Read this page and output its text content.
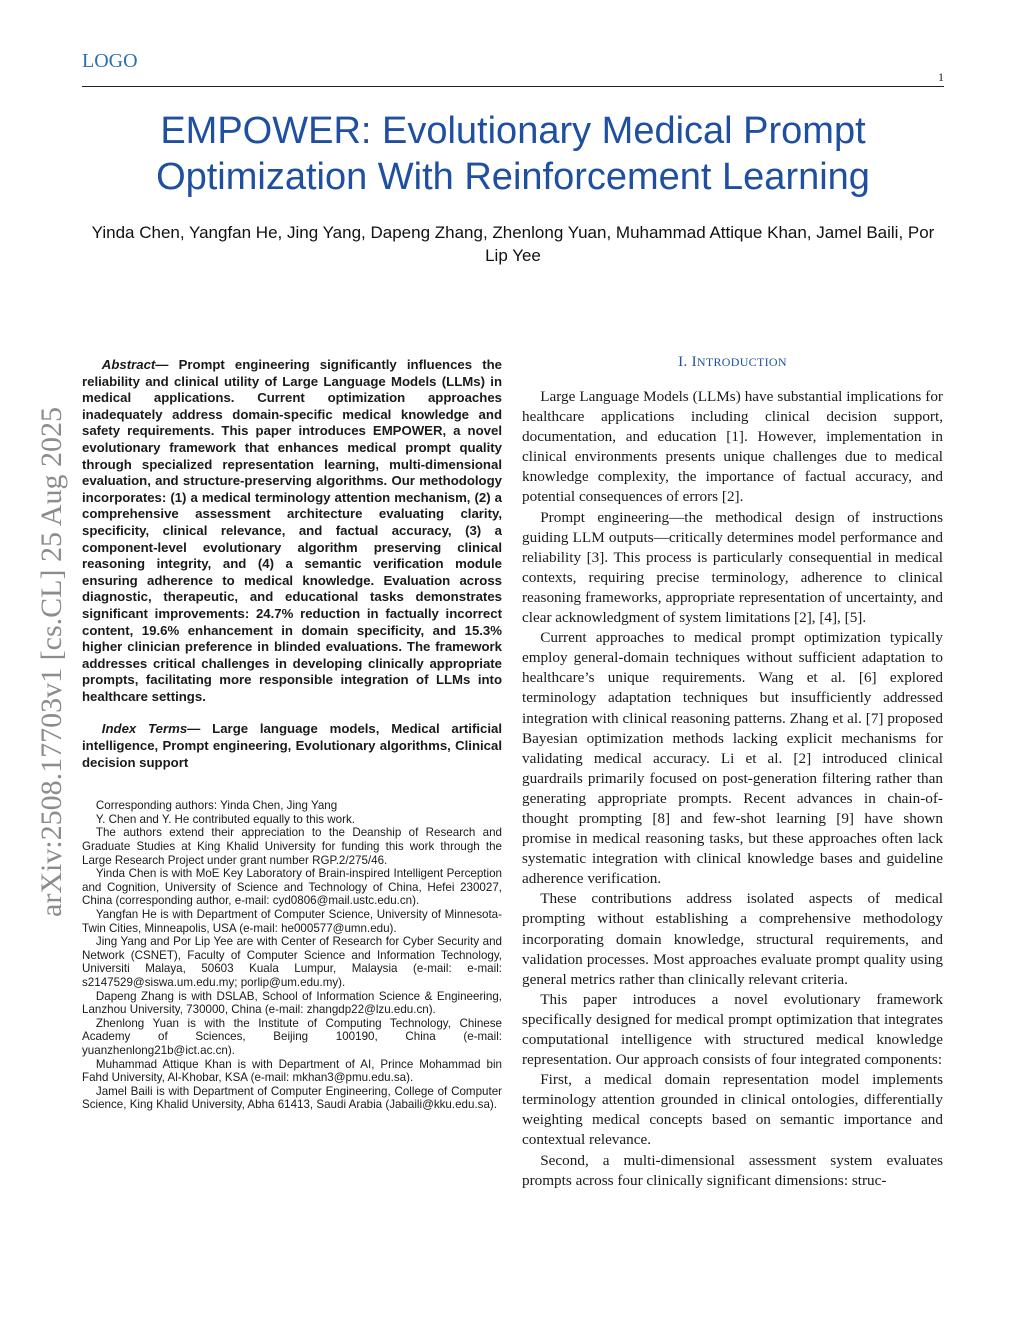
LOGO
1
EMPOWER: Evolutionary Medical Prompt Optimization With Reinforcement Learning
Yinda Chen, Yangfan He, Jing Yang, Dapeng Zhang, Zhenlong Yuan, Muhammad Attique Khan, Jamel Baili, Por Lip Yee
arXiv:2508.17703v1 [cs.CL] 25 Aug 2025

Abstract— Prompt engineering significantly influences the reliability and clinical utility of Large Language Models (LLMs) in medical applications. Current optimization approaches inadequately address domain-specific medical knowledge and safety requirements. This paper introduces EMPOWER, a novel evolutionary framework that enhances medical prompt quality through specialized representation learning, multi-dimensional evaluation, and structure-preserving algorithms. Our methodology incorporates: (1) a medical terminology attention mechanism, (2) a comprehensive assessment architecture evaluating clarity, specificity, clinical relevance, and factual accuracy, (3) a component-level evolutionary algorithm preserving clinical reasoning integrity, and (4) a semantic verification module ensuring adherence to medical knowledge. Evaluation across diagnostic, therapeutic, and educational tasks demonstrates significant improvements: 24.7% reduction in factually incorrect content, 19.6% enhancement in domain specificity, and 15.3% higher clinician preference in blinded evaluations. The framework addresses critical challenges in developing clinically appropriate prompts, facilitating more responsible integration of LLMs into healthcare settings.

Index Terms— Large language models, Medical artificial intelligence, Prompt engineering, Evolutionary algorithms, Clinical decision support

Corresponding authors: Yinda Chen, Jing Yang

Y. Chen and Y. He contributed equally to this work.

The authors extend their appreciation to the Deanship of Research and Graduate Studies at King Khalid University for funding this work through the Large Research Project under grant number RGP.2/275/46.

Yinda Chen is with MoE Key Laboratory of Brain-inspired Intelligent Perception and Cognition, University of Science and Technology of China, Hefei 230027, China (corresponding author, e-mail: cyd0806@mail.ustc.edu.cn).

Yangfan He is with Department of Computer Science, University of Minnesota-Twin Cities, Minneapolis, USA (e-mail: he000577@umn.edu).

Jing Yang and Por Lip Yee are with Center of Research for Cyber Security and Network (CSNET), Faculty of Computer Science and Information Technology, Universiti Malaya, 50603 Kuala Lumpur, Malaysia (e-mail: e-mail: s2147529@siswa.um.edu.my; porlip@um.edu.my).

Dapeng Zhang is with DSLAB, School of Information Science & Engineering, Lanzhou University, 730000, China (e-mail: zhangdp22@lzu.edu.cn).

Zhenlong Yuan is with the Institute of Computing Technology, Chinese Academy of Sciences, Beijing 100190, China (e-mail: yuanzhenlong21b@ict.ac.cn).

Muhammad Attique Khan is with Department of AI, Prince Mohammad bin Fahd University, Al-Khobar, KSA (e-mail: mkhan3@pmu.edu.sa).

Jamel Baili is with Department of Computer Engineering, College of Computer Science, King Khalid University, Abha 61413, Saudi Arabia (Jabaili@kku.edu.sa).

I. INTRODUCTION

Large Language Models (LLMs) have substantial implications for healthcare applications including clinical decision support, documentation, and education [1]. However, implementation in clinical environments presents unique challenges due to medical knowledge complexity, the importance of factual accuracy, and potential consequences of errors [2].

Prompt engineering—the methodical design of instructions guiding LLM outputs—critically determines model performance and reliability [3]. This process is particularly consequential in medical contexts, requiring precise terminology, adherence to clinical reasoning frameworks, appropriate representation of uncertainty, and clear acknowledgment of system limitations [2], [4], [5].

Current approaches to medical prompt optimization typically employ general-domain techniques without sufficient adaptation to healthcare’s unique requirements. Wang et al. [6] explored terminology adaptation techniques but insufficiently addressed integration with clinical reasoning patterns. Zhang et al. [7] proposed Bayesian optimization methods lacking explicit mechanisms for validating medical accuracy. Li et al. [2] introduced clinical guardrails primarily focused on post-generation filtering rather than generating appropriate prompts. Recent advances in chain-of-thought prompting [8] and few-shot learning [9] have shown promise in medical reasoning tasks, but these approaches often lack systematic integration with clinical knowledge bases and guideline adherence verification.

These contributions address isolated aspects of medical prompting without establishing a comprehensive methodology incorporating domain knowledge, structural requirements, and validation processes. Most approaches evaluate prompt quality using general metrics rather than clinically relevant criteria.

This paper introduces a novel evolutionary framework specifically designed for medical prompt optimization that integrates computational intelligence with structured medical knowledge representation. Our approach consists of four integrated components:

First, a medical domain representation model implements terminology attention grounded in clinical ontologies, differentially weighting medical concepts based on semantic importance and contextual relevance.

Second, a multi-dimensional assessment system evaluates prompts across four clinically significant dimensions: struc-
